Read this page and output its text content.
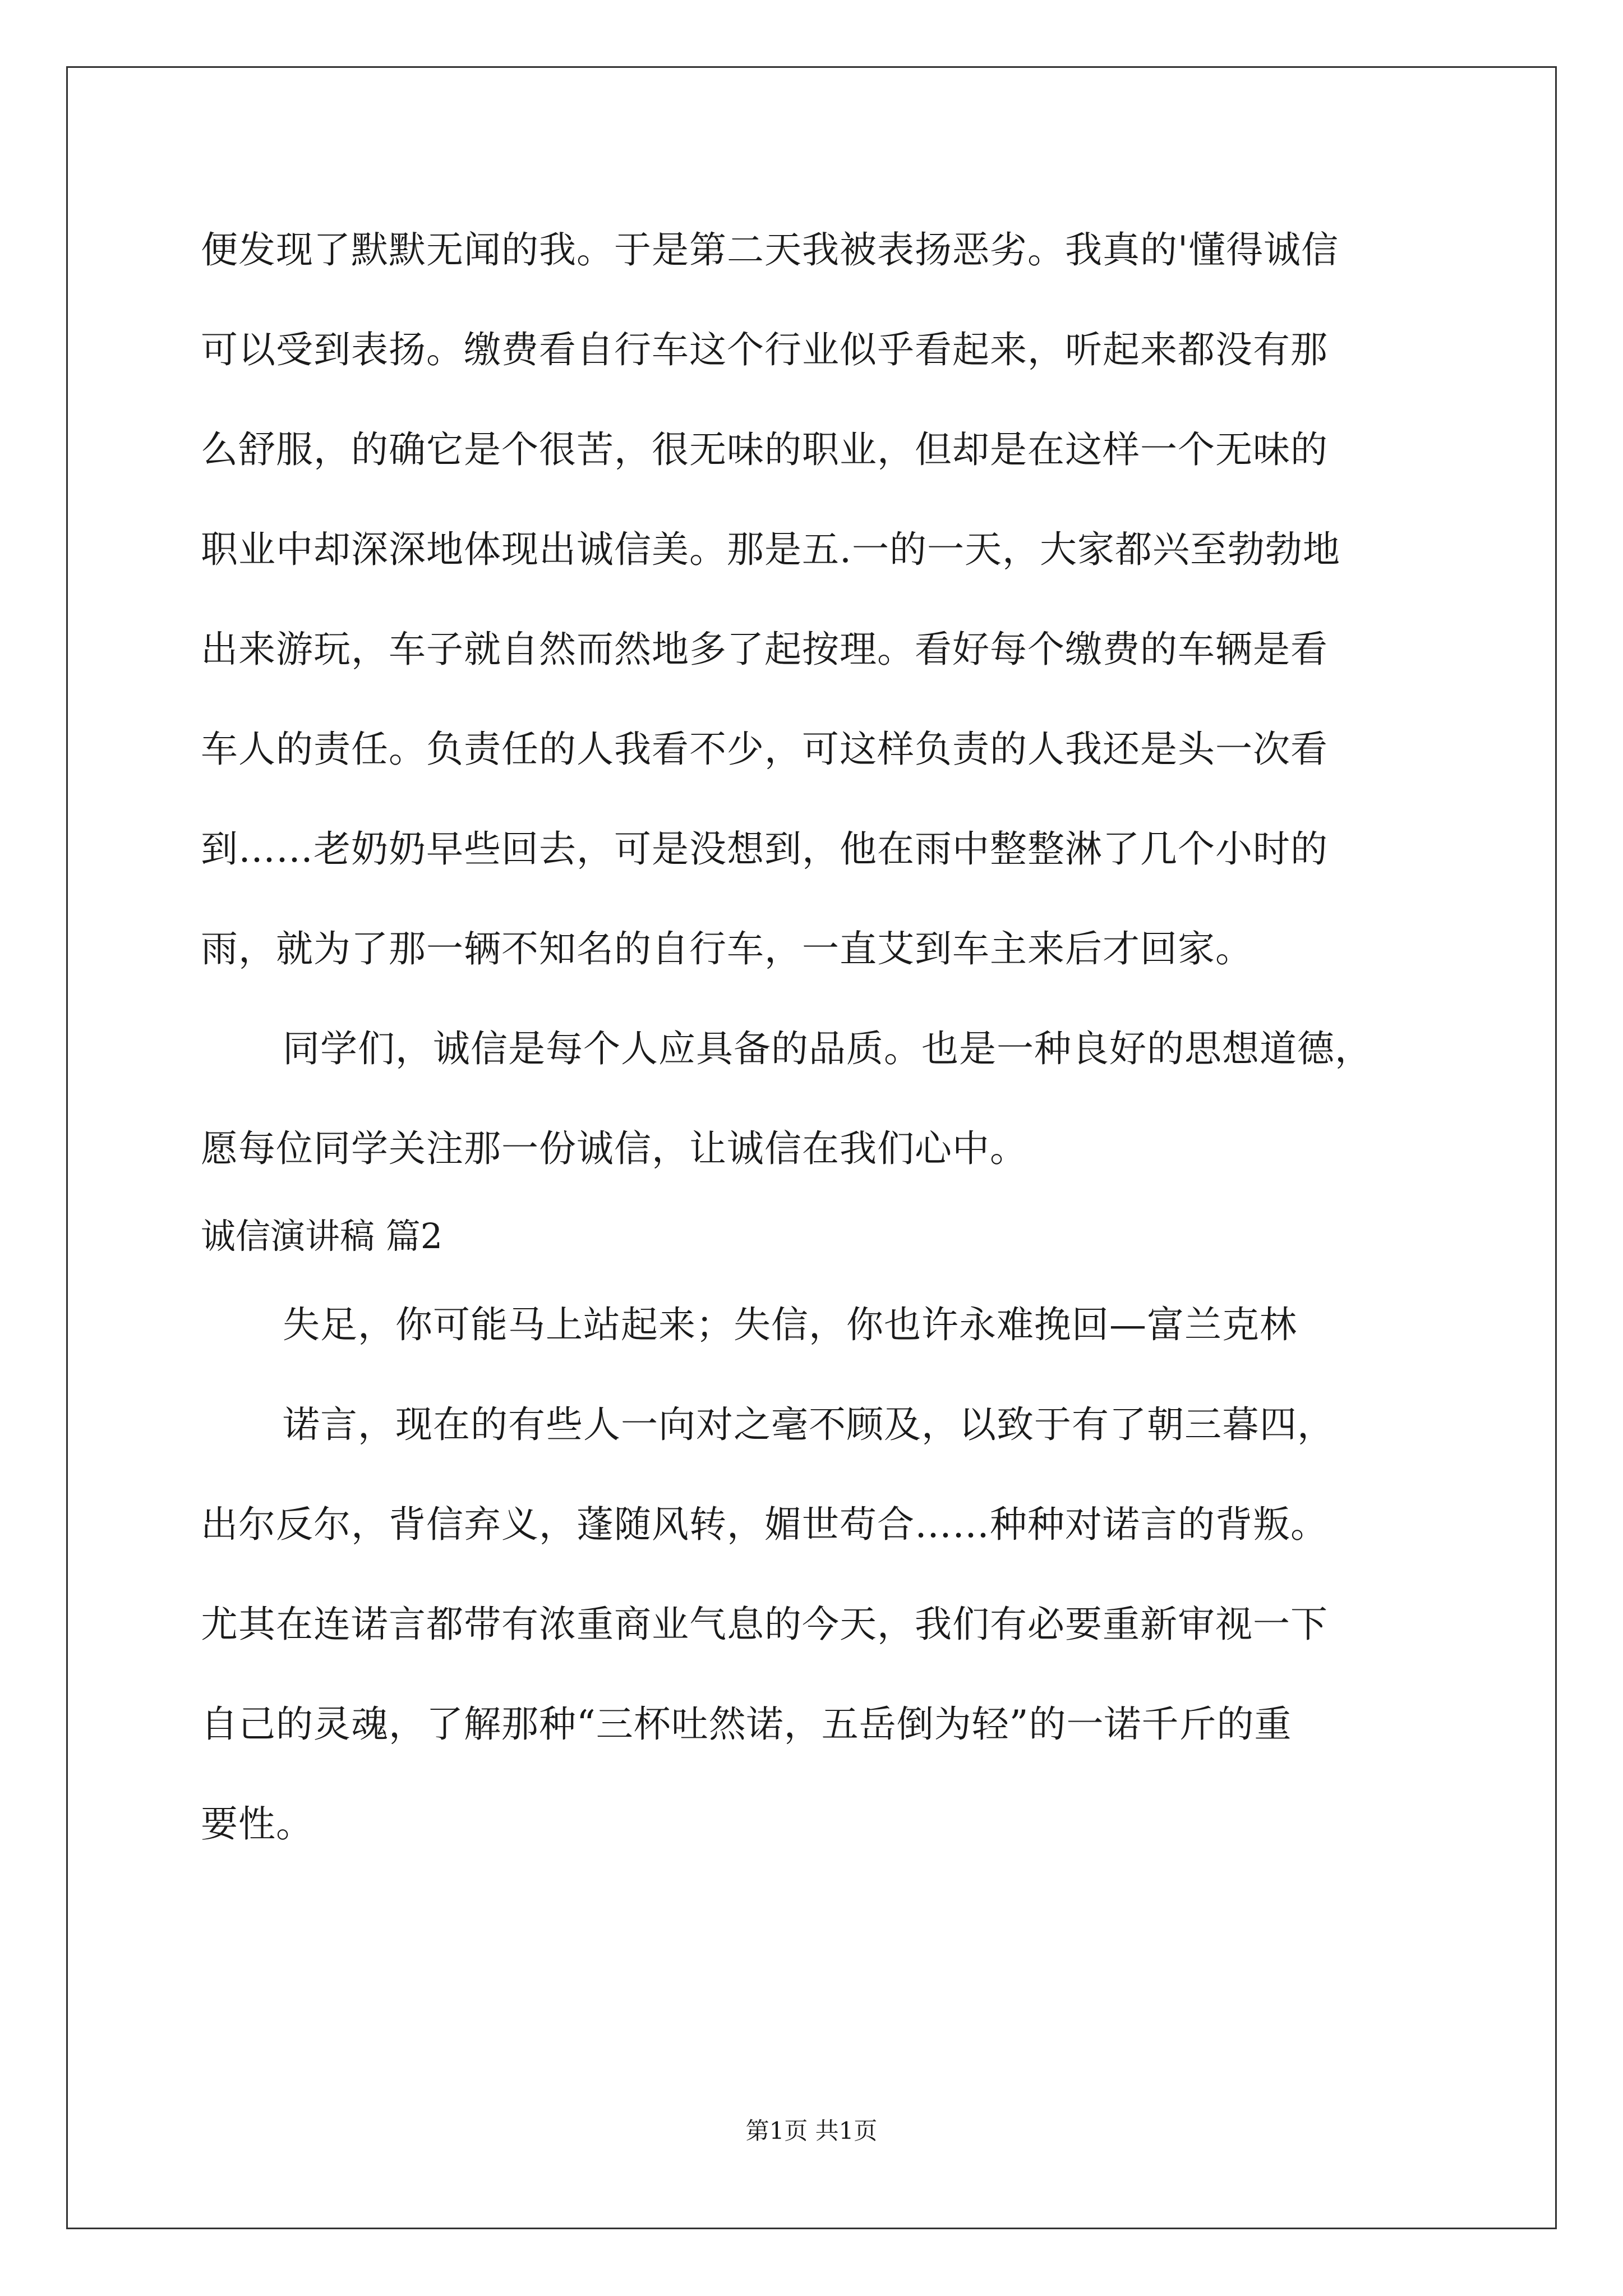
便发现了默默无闻的我。于是第二天我被表扬恶劣。我真的'懂得诚信
可以受到表扬。缴费看自行车这个行业似乎看起来，听起来都没有那
么舒服，的确它是个很苦，很无味的职业，但却是在这样一个无味的
职业中却深深地体现出诚信美。那是五.一的一天，大家都兴至勃勃地
出来游玩，车子就自然而然地多了起按理。看好每个缴费的车辆是看
车人的责任。负责任的人我看不少，可这样负责的人我还是头一次看
到……老奶奶早些回去，可是没想到，他在雨中整整淋了几个小时的
雨，就为了那一辆不知名的自行车，一直艾到车主来后才回家。
同学们，诚信是每个人应具备的品质。也是一种良好的思想道德，
愿每位同学关注那一份诚信，让诚信在我们心中。
诚信演讲稿 篇2
失足，你可能马上站起来；失信，你也许永难挽回—富兰克林
诺言，现在的有些人一向对之毫不顾及，以致于有了朝三暮四，
出尔反尔，背信弃义，蓬随风转，媚世苟合……种种对诺言的背叛。
尤其在连诺言都带有浓重商业气息的今天，我们有必要重新审视一下
自己的灵魂，了解那种“三杯吐然诺，五岳倒为轻”的一诺千斤的重
要性。
第1页 共1页
